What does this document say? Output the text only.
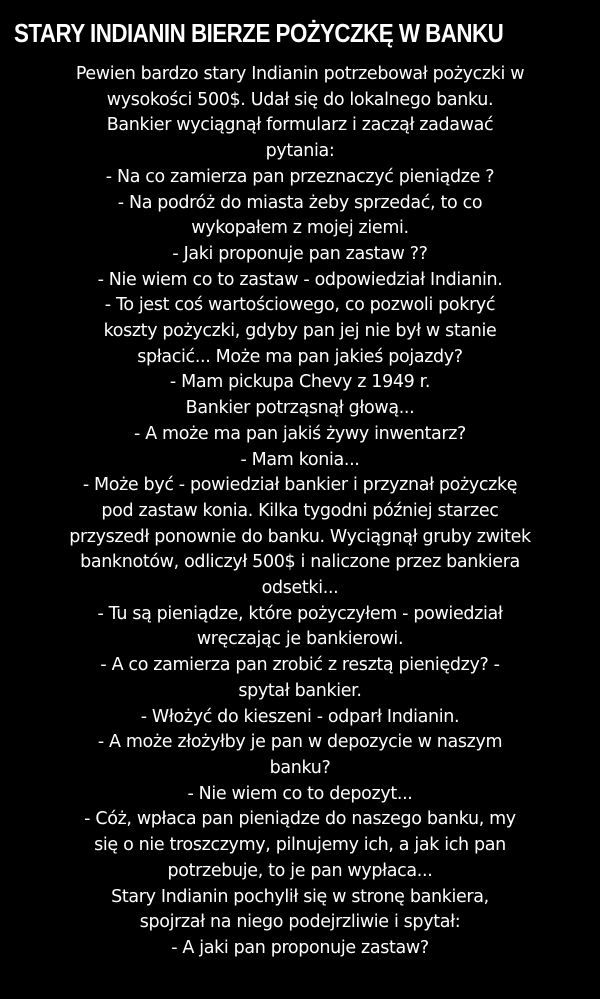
STARY INDIANIN BIERZE POŻYCZKĘ W BANKU
Pewien bardzo stary Indianin potrzebował pożyczki w
wysokości 500$. Udał się do lokalnego banku.
Bankier wyciągnął formularz i zaczął zadawać
pytania:
- Na co zamierza pan przeznaczyć pieniądze ?
- Na podróż do miasta żeby sprzedać, to co
wykopałem z mojej ziemi.
- Jaki proponuje pan zastaw ??
- Nie wiem co to zastaw - odpowiedział Indianin.
- To jest coś wartościowego, co pozwoli pokryć
koszty pożyczki, gdyby pan jej nie był w stanie
spłacić... Może ma pan jakieś pojazdy?
- Mam pickupa Chevy z 1949 r.
Bankier potrząsnął głową...
- A może ma pan jakiś żywy inwentarz?
- Mam konia...
- Może być - powiedział bankier i przyznał pożyczkę
pod zastaw konia. Kilka tygodni później starzec
przyszedł ponownie do banku. Wyciągnął gruby zwitek
banknotów, odliczył 500$ i naliczone przez bankiera
odsetki...
- Tu są pieniądze, które pożyczyłem - powiedział
wręczając je bankierowi.
- A co zamierza pan zrobić z resztą pieniędzy? -
spytał bankier.
- Włożyć do kieszeni - odparł Indianin.
- A może złożyłby je pan w depozycie w naszym
banku?
- Nie wiem co to depozyt...
- Cóż, wpłaca pan pieniądze do naszego banku, my
się o nie troszczymy, pilnujemy ich, a jak ich pan
potrzebuje, to je pan wypłaca...
Stary Indianin pochylił się w stronę bankiera,
spojrzał na niego podejrzliwie i spytał:
- A jaki pan proponuje zastaw?
